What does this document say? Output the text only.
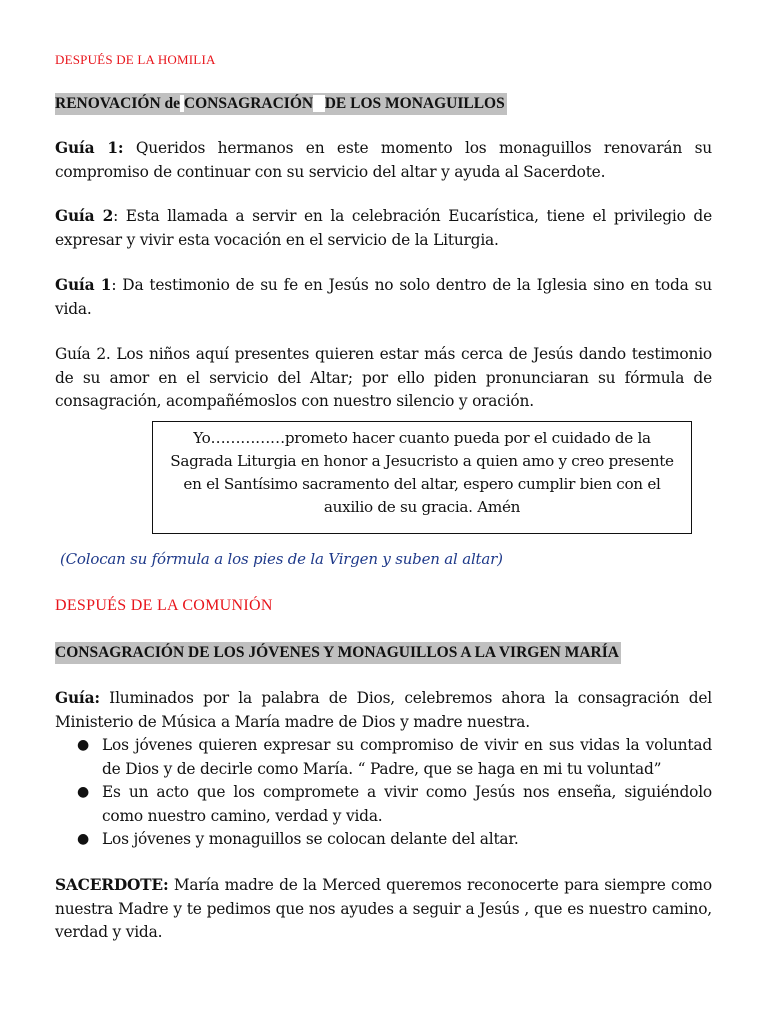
DESPUÉS DE LA HOMILIA
RENOVACIÓN de CONSAGRACIÓN DE LOS MONAGUILLOS
Guía 1: Queridos hermanos en este momento los monaguillos renovarán su compromiso de continuar con su servicio del altar y ayuda al Sacerdote.
Guía 2: Esta llamada a servir en la celebración Eucarística, tiene el privilegio de expresar y vivir esta vocación en el servicio de la Liturgia.
Guía 1: Da testimonio de su fe en Jesús no solo dentro de la Iglesia sino en toda su vida.
Guía 2. Los niños aquí presentes quieren estar más cerca de Jesús dando testimonio de su amor en el servicio del Altar; por ello piden pronunciaran su fórmula de consagración, acompañémoslos con nuestro silencio y oración.
Yo……………prometo hacer cuanto pueda por el cuidado de la Sagrada Liturgia en honor a Jesucristo a quien amo y creo presente en el Santísimo sacramento del altar, espero cumplir bien con el auxilio de su gracia. Amén
(Colocan su fórmula a los pies de la Virgen y suben al altar)
DESPUÉS DE LA COMUNIÓN
CONSAGRACIÓN DE LOS JÓVENES Y MONAGUILLOS A LA VIRGEN MARÍA
Guía: Iluminados por la palabra de Dios, celebremos ahora la consagración del Ministerio de Música a María madre de Dios y madre nuestra.
● Los jóvenes quieren expresar su compromiso de vivir en sus vidas la voluntad de Dios y de decirle como María. “ Padre, que se haga en mi tu voluntad”
● Es un acto que los compromete a vivir como Jesús nos enseña, siguiéndolo como nuestro camino, verdad y vida.
● Los jóvenes y monaguillos se colocan delante del altar.
SACERDOTE: María madre de la Merced queremos reconocerte para siempre como nuestra Madre y te pedimos que nos ayudes a seguir a Jesús , que es nuestro camino, verdad y vida.
